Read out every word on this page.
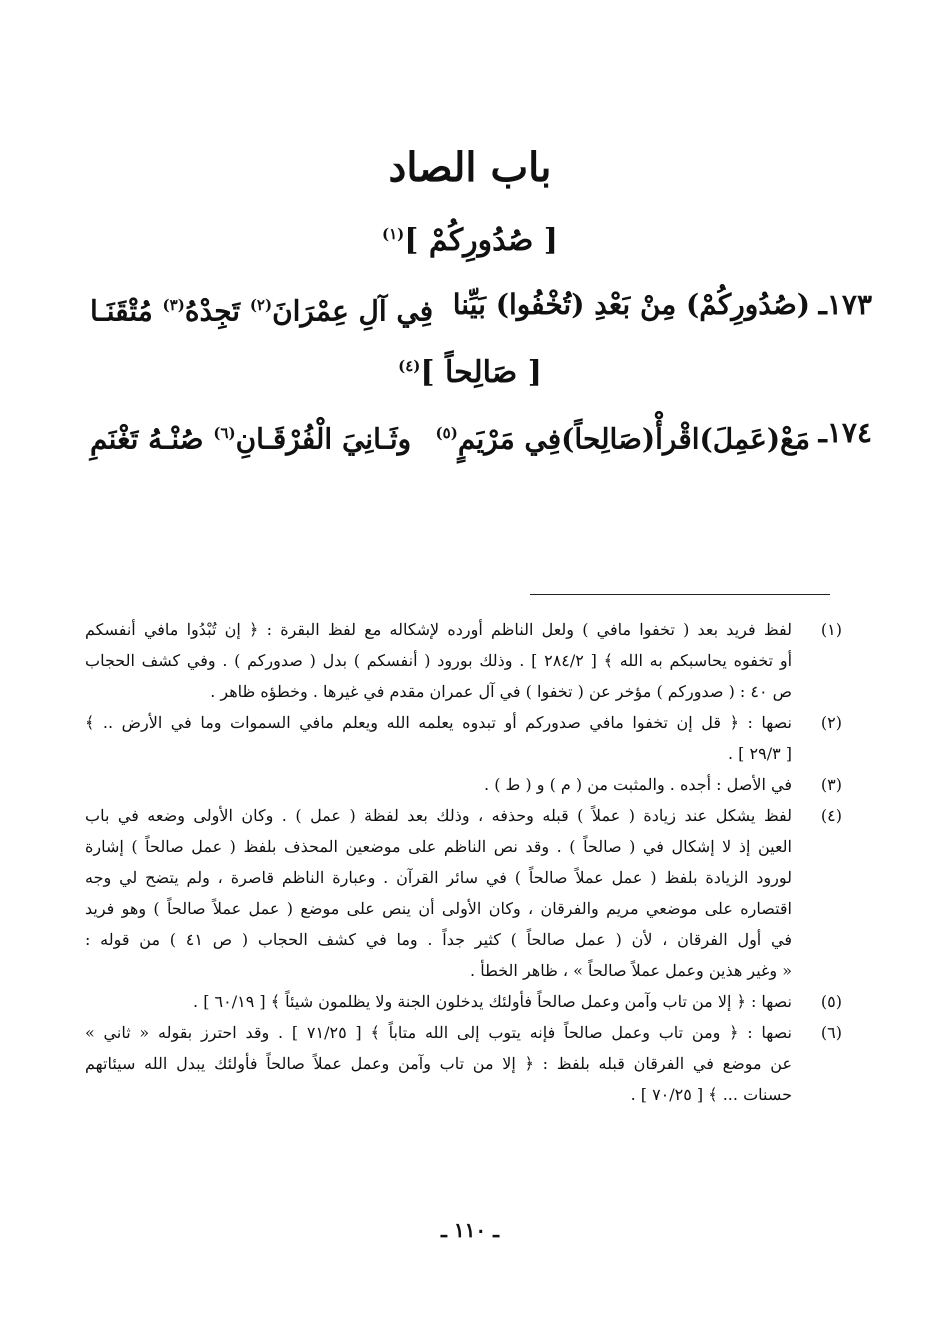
باب الصاد
[ صُدُورِكُمْ ]$^{(١)}$
١٧٣ـ
(صُدُورِكُمْ) مِنْ بَعْدِ (تُخْفُوا) بَيِّنا
فِي آلِ عِمْرَانَ$^{(٢)}$ تَجِدْهُ$^{(٣)}$ مُتْقَنَـا
[ صَالِحاً ]$^{(٤)}$
١٧٤ـ
مَعْ(عَمِلَ)اقْرأْ(صَالِحاً)فِي مَرْيَمٍ$^{(٥)}$
وثَـانِيَ الْفُرْقَـانِ$^{(٦)}$ صُنْـهُ تَغْنَمِ
(١)
لفظ فريد بعد ( تخفوا مافي ) ولعل الناظم أورده لإشكاله مع لفظ البقرة : ﴿ إن تُبْدُوا مافي أنفسكم
أو تخفوه يحاسبكم به الله ﴾ [ ٢٨٤/٢ ] . وذلك بورود ( أنفسكم ) بدل ( صدوركم ) . وفي كشف الحجاب
ص ٤٠ : ( صدوركم ) مؤخر عن ( تخفوا ) في آل عمران مقدم في غيرها . وخطؤه ظاهر .
(٢)
نصها : ﴿ قل إن تخفوا مافي صدوركم أو تبدوه يعلمه الله ويعلم مافي السموات وما في الأرض .. ﴾
[ ٢٩/٣ ] .
(٣)
في الأصل : أجده . والمثبت من ( م ) و ( ط ) .
(٤)
لفظ يشكل عند زيادة ( عملاً ) قبله وحذفه ، وذلك بعد لفظة ( عمل ) . وكان الأولى وضعه في باب
العين إذ لا إشكال في ( صالحاً ) . وقد نص الناظم على موضعين المحذف بلفظ ( عمل صالحاً ) إشارة
لورود الزيادة بلفظ ( عمل عملاً صالحاً ) في سائر القرآن . وعبارة الناظم قاصرة ، ولم يتضح لي وجه
اقتصاره على موضعي مريم والفرقان ، وكان الأولى أن ينص على موضع ( عمل عملاً صالحاً ) وهو فريد
في أول الفرقان ، لأن ( عمل صالحاً ) كثير جداً . وما في كشف الحجاب ( ص ٤١ ) من قوله :
« وغير هذين وعمل عملاً صالحاً » ، ظاهر الخطأ .
(٥)
نصها : ﴿ إلا من تاب وآمن وعمل صالحاً فأولئك يدخلون الجنة ولا يظلمون شيئاً ﴾ [ ٦٠/١٩ ] .
(٦)
نصها : ﴿ ومن تاب وعمل صالحاً فإنه يتوب إلى الله متاباً ﴾ [ ٧١/٢٥ ] . وقد احترز بقوله « ثاني »
عن موضع في الفرقان قبله بلفظ : ﴿ إلا من تاب وآمن وعمل عملاً صالحاً فأولئك يبدل الله سيئاتهم
حسنات ... ﴾ [ ٧٠/٢٥ ] .
ـ ١١٠ ـ
